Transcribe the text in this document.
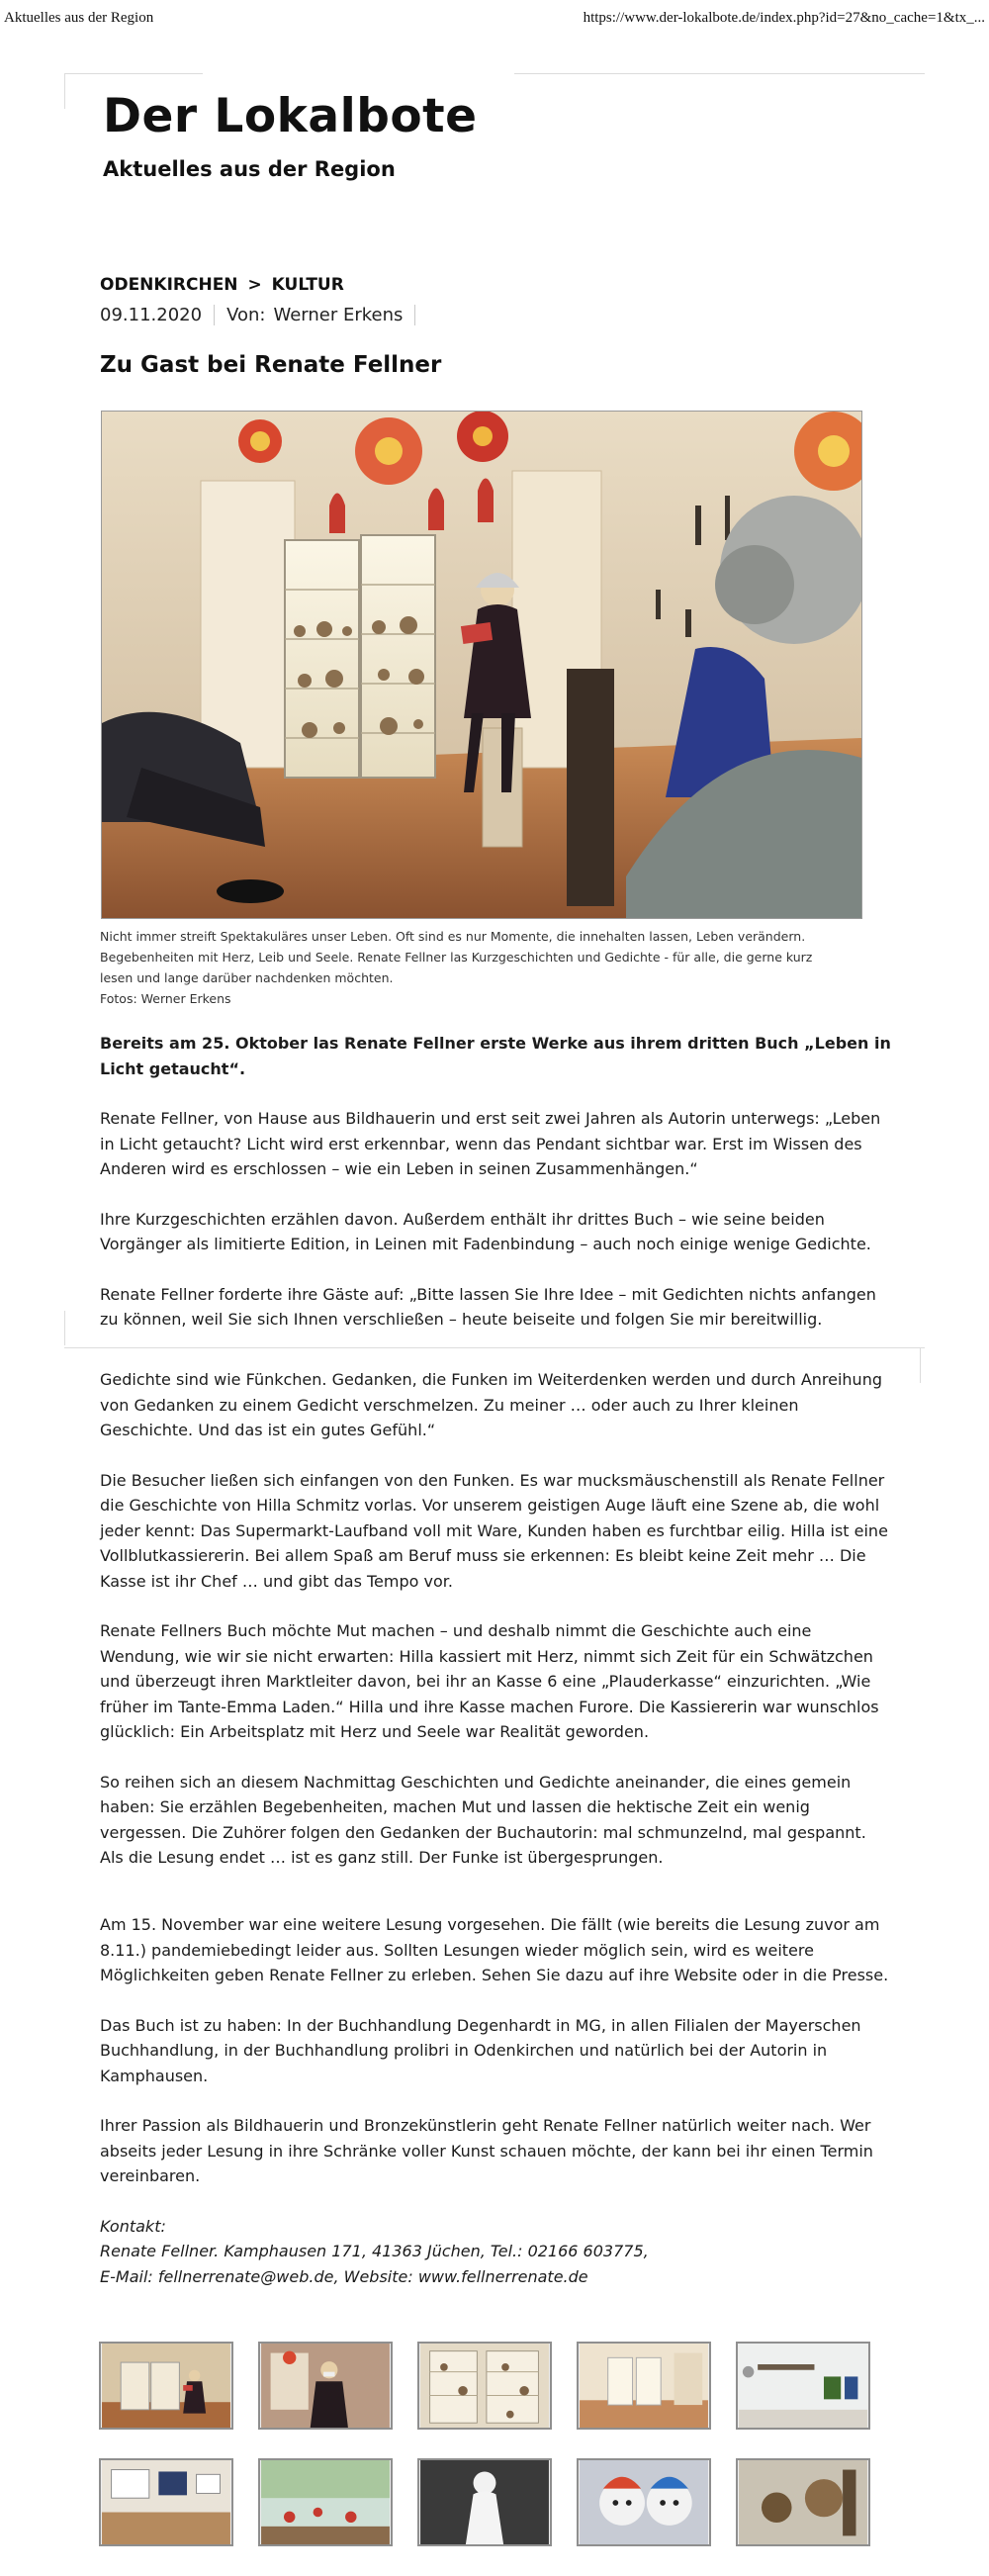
Aktuelles aus der Region	https://www.der-lokalbote.de/index.php?id=27&no_cache=1&tx_...
Der Lokalbote
Aktuelles aus der Region
ODENKIRCHEN > KULTUR
09.11.2020	Von: Werner Erkens
Zu Gast bei Renate Fellner
Nicht immer streift Spektakuläres unser Leben. Oft sind es nur Momente, die innehalten lassen, Leben verändern.
Begebenheiten mit Herz, Leib und Seele. Renate Fellner las Kurzgeschichten und Gedichte - für alle, die gerne kurz
lesen und lange darüber nachdenken möchten.
Fotos: Werner Erkens

Bereits am 25. Oktober las Renate Fellner erste Werke aus ihrem dritten Buch „Leben in Licht getaucht“.

Renate Fellner, von Hause aus Bildhauerin und erst seit zwei Jahren als Autorin unterwegs: „Leben in Licht getaucht? Licht wird erst erkennbar, wenn das Pendant sichtbar war. Erst im Wissen des Anderen wird es erschlossen – wie ein Leben in seinen Zusammenhängen.“

Ihre Kurzgeschichten erzählen davon. Außerdem enthält ihr drittes Buch – wie seine beiden Vorgänger als limitierte Edition, in Leinen mit Fadenbindung – auch noch einige wenige Gedichte.

Renate Fellner forderte ihre Gäste auf: „Bitte lassen Sie Ihre Idee – mit Gedichten nichts anfangen zu können, weil Sie sich Ihnen verschließen – heute beiseite und folgen Sie mir bereitwillig.

Gedichte sind wie Fünkchen. Gedanken, die Funken im Weiterdenken werden und durch Anreihung von Gedanken zu einem Gedicht verschmelzen. Zu meiner … oder auch zu Ihrer kleinen Geschichte. Und das ist ein gutes Gefühl.“

Die Besucher ließen sich einfangen von den Funken. Es war mucksmäuschenstill als Renate Fellner die Geschichte von Hilla Schmitz vorlas. Vor unserem geistigen Auge läuft eine Szene ab, die wohl jeder kennt: Das Supermarkt-Laufband voll mit Ware, Kunden haben es furchtbar eilig. Hilla ist eine Vollblutkassiererin. Bei allem Spaß am Beruf muss sie erkennen: Es bleibt keine Zeit mehr … Die Kasse ist ihr Chef … und gibt das Tempo vor.

Renate Fellners Buch möchte Mut machen – und deshalb nimmt die Geschichte auch eine Wendung, wie wir sie nicht erwarten: Hilla kassiert mit Herz, nimmt sich Zeit für ein Schwätzchen und überzeugt ihren Marktleiter davon, bei ihr an Kasse 6 eine „Plauderkasse“ einzurichten. „Wie früher im Tante-Emma Laden.“ Hilla und ihre Kasse machen Furore. Die Kassiererin war wunschlos glücklich: Ein Arbeitsplatz mit Herz und Seele war Realität geworden.

So reihen sich an diesem Nachmittag Geschichten und Gedichte aneinander, die eines gemein haben: Sie erzählen Begebenheiten, machen Mut und lassen die hektische Zeit ein wenig vergessen. Die Zuhörer folgen den Gedanken der Buchautorin: mal schmunzelnd, mal gespannt. Als die Lesung endet … ist es ganz still. Der Funke ist übergesprungen.

Am 15. November war eine weitere Lesung vorgesehen. Die fällt (wie bereits die Lesung zuvor am 8.11.) pandemiebedingt leider aus. Sollten Lesungen wieder möglich sein, wird es weitere Möglichkeiten geben Renate Fellner zu erleben. Sehen Sie dazu auf ihre Website oder in die Presse.

Das Buch ist zu haben: In der Buchhandlung Degenhardt in MG, in allen Filialen der Mayerschen Buchhandlung, in der Buchhandlung prolibri in Odenkirchen und natürlich bei der Autorin in Kamphausen.

Ihrer Passion als Bildhauerin und Bronzekünstlerin geht Renate Fellner natürlich weiter nach. Wer abseits jeder Lesung in ihre Schränke voller Kunst schauen möchte, der kann bei ihr einen Termin vereinbaren.

Kontakt:
Renate Fellner. Kamphausen 171, 41363 Jüchen, Tel.: 02166 603775,
E-Mail: fellnerrenate@web.de, Website: www.fellnerrenate.de
